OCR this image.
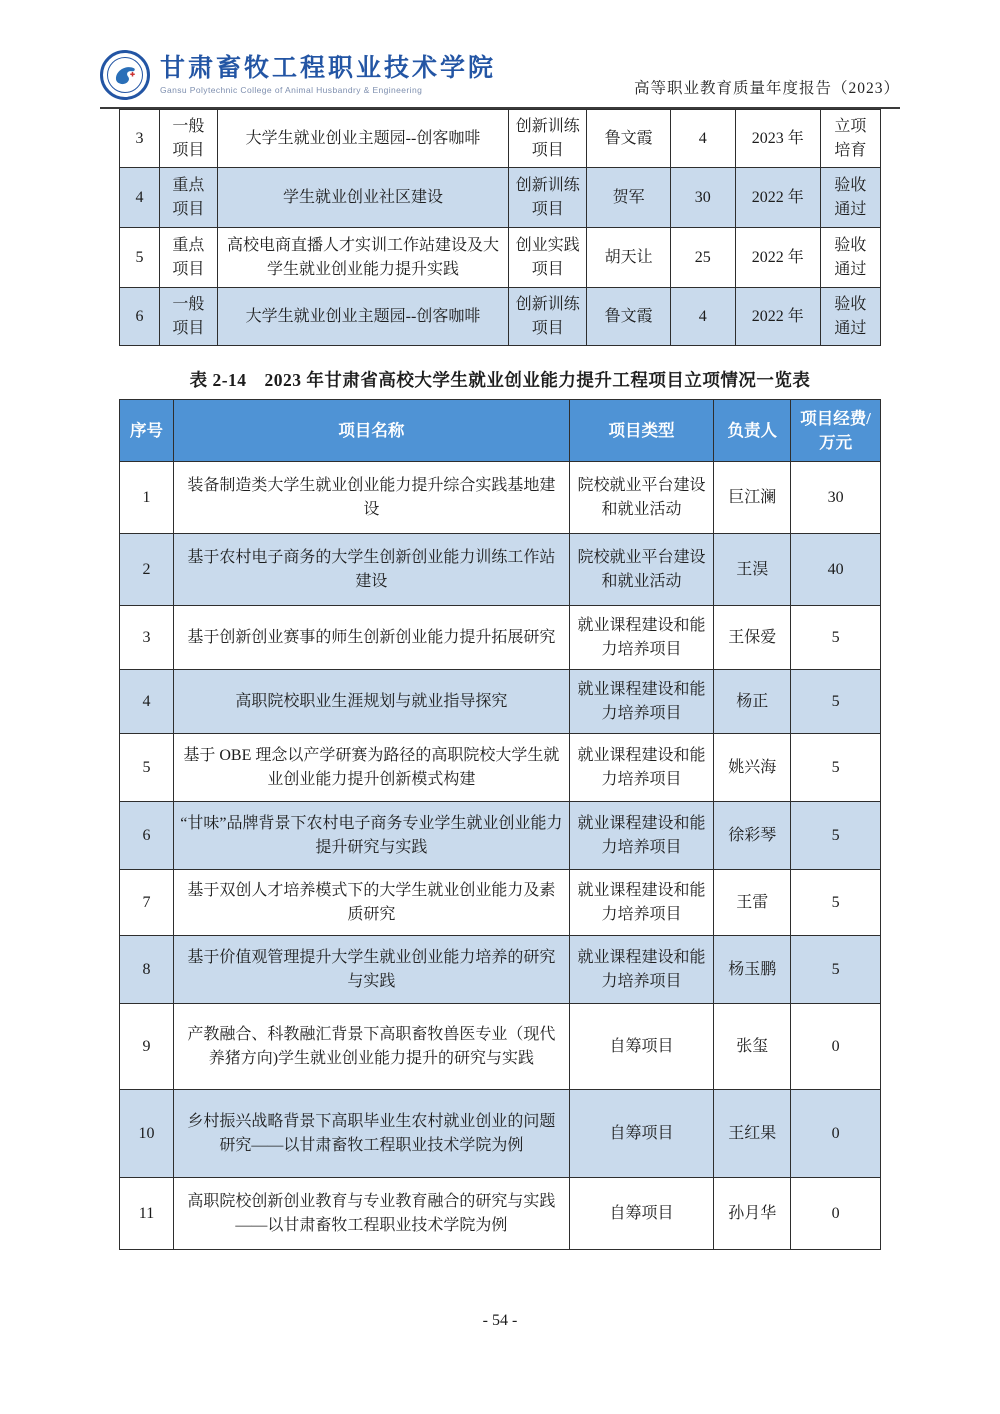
甘肃畜牧工程职业技术学院
Gansu Polytechnic College of Animal Husbandry & Engineering	高等职业教育质量年度报告（2023）
3	一般项目	大学生就业创业主题园--创客咖啡	创新训练项目	鲁文霞	4	2023 年	立项培育
4	重点项目	学生就业创业社区建设	创新训练项目	贺军	30	2022 年	验收通过
5	重点项目	高校电商直播人才实训工作站建设及大学生就业创业能力提升实践	创业实践项目	胡天让	25	2022 年	验收通过
6	一般项目	大学生就业创业主题园--创客咖啡	创新训练项目	鲁文霞	4	2022 年	验收通过
表 2-14　2023 年甘肃省高校大学生就业创业能力提升工程项目立项情况一览表
序号	项目名称	项目类型	负责人	项目经费/万元
1	装备制造类大学生就业创业能力提升综合实践基地建设	院校就业平台建设和就业活动	巨江澜	30
2	基于农村电子商务的大学生创新创业能力训练工作站建设	院校就业平台建设和就业活动	王淏	40
3	基于创新创业赛事的师生创新创业能力提升拓展研究	就业课程建设和能力培养项目	王保爱	5
4	高职院校职业生涯规划与就业指导探究	就业课程建设和能力培养项目	杨正	5
5	基于 OBE 理念以产学研赛为路径的高职院校大学生就业创业能力提升创新模式构建	就业课程建设和能力培养项目	姚兴海	5
6	“甘味”品牌背景下农村电子商务专业学生就业创业能力提升研究与实践	就业课程建设和能力培养项目	徐彩琴	5
7	基于双创人才培养模式下的大学生就业创业能力及素质研究	就业课程建设和能力培养项目	王雷	5
8	基于价值观管理提升大学生就业创业能力培养的研究与实践	就业课程建设和能力培养项目	杨玉鹏	5
9	产教融合、科教融汇背景下高职畜牧兽医专业（现代养猪方向)学生就业创业能力提升的研究与实践	自筹项目	张玺	0
10	乡村振兴战略背景下高职毕业生农村就业创业的问题研究——以甘肃畜牧工程职业技术学院为例	自筹项目	王红果	0
11	高职院校创新创业教育与专业教育融合的研究与实践——以甘肃畜牧工程职业技术学院为例	自筹项目	孙月华	0
- 54 -
